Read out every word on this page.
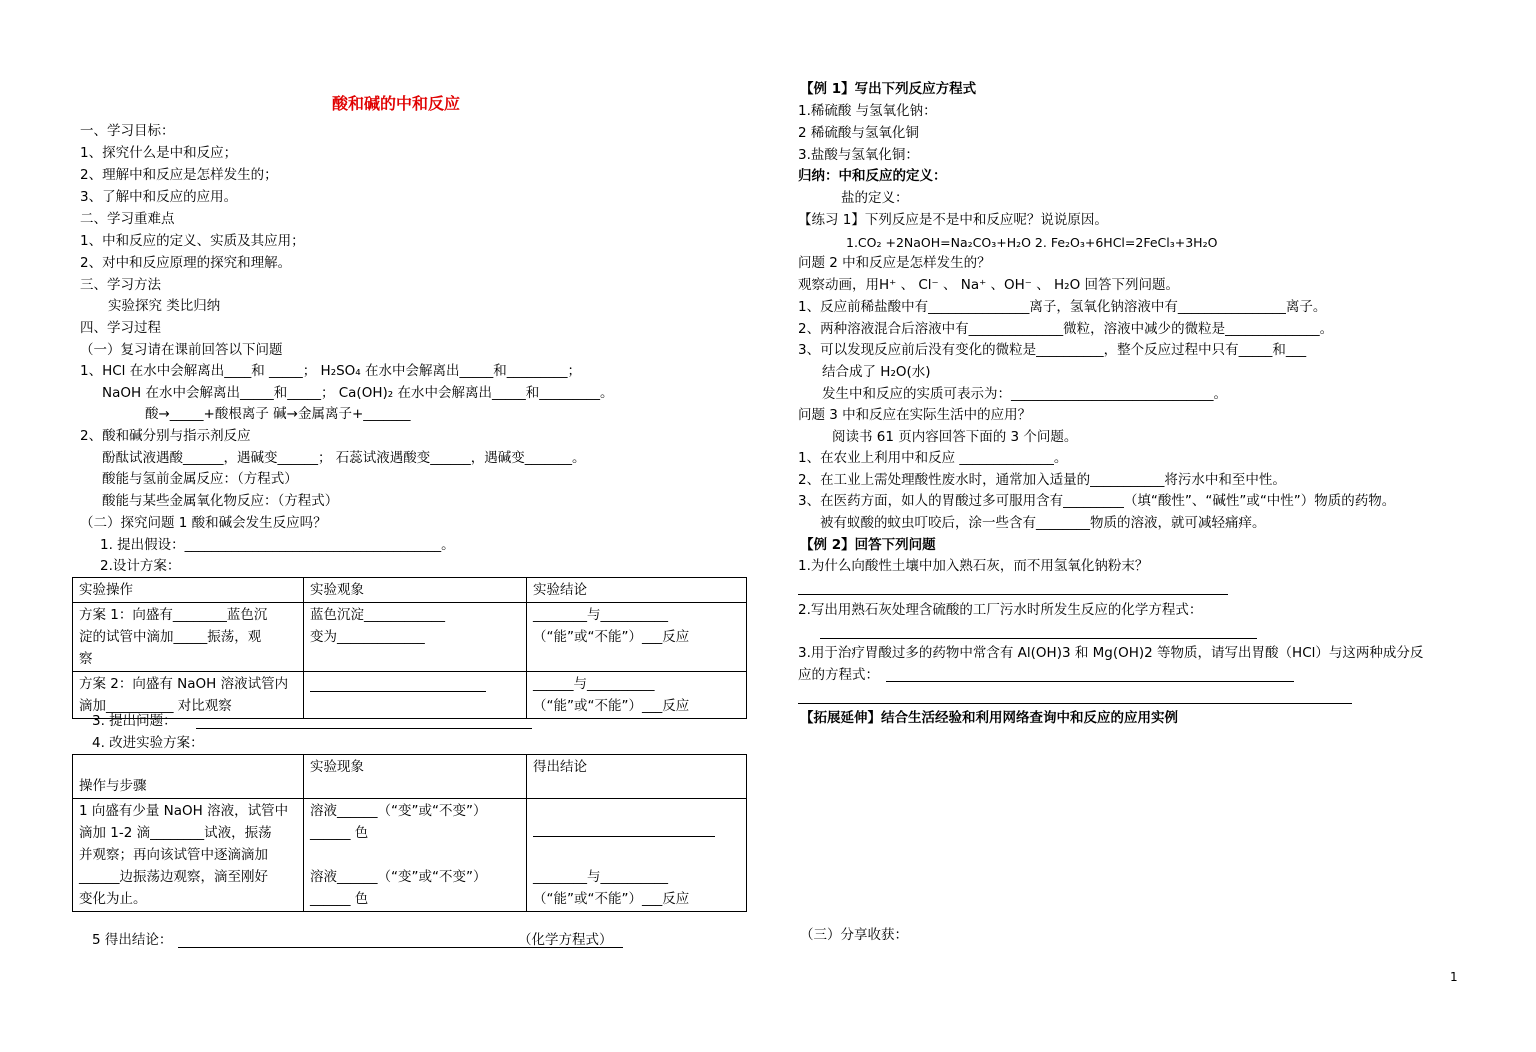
酸和碱的中和反应
一、学习目标：
1、探究什么是中和反应；
2、理解中和反应是怎样发生的；
3、了解中和反应的应用。
二、学习重难点
1、中和反应的定义、实质及其应用；
2、对中和反应原理的探究和理解。
三、学习方法
实验探究 类比归纳
四、学习过程
（一）复习请在课前回答以下问题
1、HCl 在水中会解离出____和 _____； H₂SO₄ 在水中会解离出_____和_________；
NaOH 在水中会解离出_____和_____； Ca(OH)₂ 在水中会解离出_____和_________。
酸→_____+酸根离子 碱→金属离子+_______
2、酸和碱分别与指示剂反应
酚酞试液遇酸______，遇碱变______； 石蕊试液遇酸变______，遇碱变_______。
酸能与氢前金属反应：（方程式）
酸能与某些金属氧化物反应：（方程式）
（二）探究问题 1 酸和碱会发生反应吗？
1. 提出假设：______________________________________。
2.设计方案：
实验操作	实验观象	实验结论

方案 1：向盛有________蓝色沉
淀的试管中滴加_____振荡，观
察	蓝色沉淀____________
变为_____________	________与__________
（“能”或“不能”）___反应

方案 2：向盛有 NaOH 溶液试管内
滴加__________ 对比观察		______与__________
（“能”或“不能”）___反应
3. 提出问题：
4. 改进实验方案：
操作与步骤	实验现象	得出结论

1 向盛有少量 NaOH 溶液，试管中
滴加 1-2 滴________试液，振荡
并观察；再向该试管中逐滴滴加
______边振荡边观察，滴至刚好
变化为止。	溶液______（“变”或“不变”）
______ 色

溶液______（“变”或“不变”）
______ 色	________与__________
（“能”或“不能”）___反应
5 得出结论：	（化学方程式）
【例 1】写出下列反应方程式
1.稀硫酸 与氢氧化钠：
2 稀硫酸与氢氧化铜
3.盐酸与氢氧化铜：
归纳：中和反应的定义：
盐的定义：
【练习 1】下列反应是不是中和反应呢？说说原因。
1.CO₂ +2NaOH=Na₂CO₃+H₂O 2. Fe₂O₃+6HCl=2FeCl₃+3H₂O
问题 2 中和反应是怎样发生的？
观察动画，用H⁺ 、 Cl⁻ 、 Na⁺ 、OH⁻ 、 H₂O 回答下列问题。
1、反应前稀盐酸中有_______________离子，氢氧化钠溶液中有________________离子。
2、两种溶液混合后溶液中有______________微粒，溶液中减少的微粒是______________。
3、可以发现反应前后没有变化的微粒是__________，整个反应过程中只有_____和___
结合成了 H₂O(水)
发生中和反应的实质可表示为：______________________________。
问题 3 中和反应在实际生活中的应用？
阅读书 61 页内容回答下面的 3 个问题。
1、在农业上利用中和反应 ______________。
2、在工业上需处理酸性废水时，通常加入适量的___________将污水中和至中性。
3、在医药方面，如人的胃酸过多可服用含有_________（填“酸性”、“碱性”或“中性”）物质的药物。
被有蚁酸的蚊虫叮咬后，涂一些含有________物质的溶液，就可减轻痛痒。
【例 2】回答下列问题
1.为什么向酸性土壤中加入熟石灰，而不用氢氧化钠粉末？
2.写出用熟石灰处理含硫酸的工厂污水时所发生反应的化学方程式：
3.用于治疗胃酸过多的药物中常含有 Al(OH)3 和 Mg(OH)2 等物质，请写出胃酸（HCl）与这两种成分反
应的方程式：
【拓展延伸】结合生活经验和利用网络查询中和反应的应用实例
（三）分享收获：
1
